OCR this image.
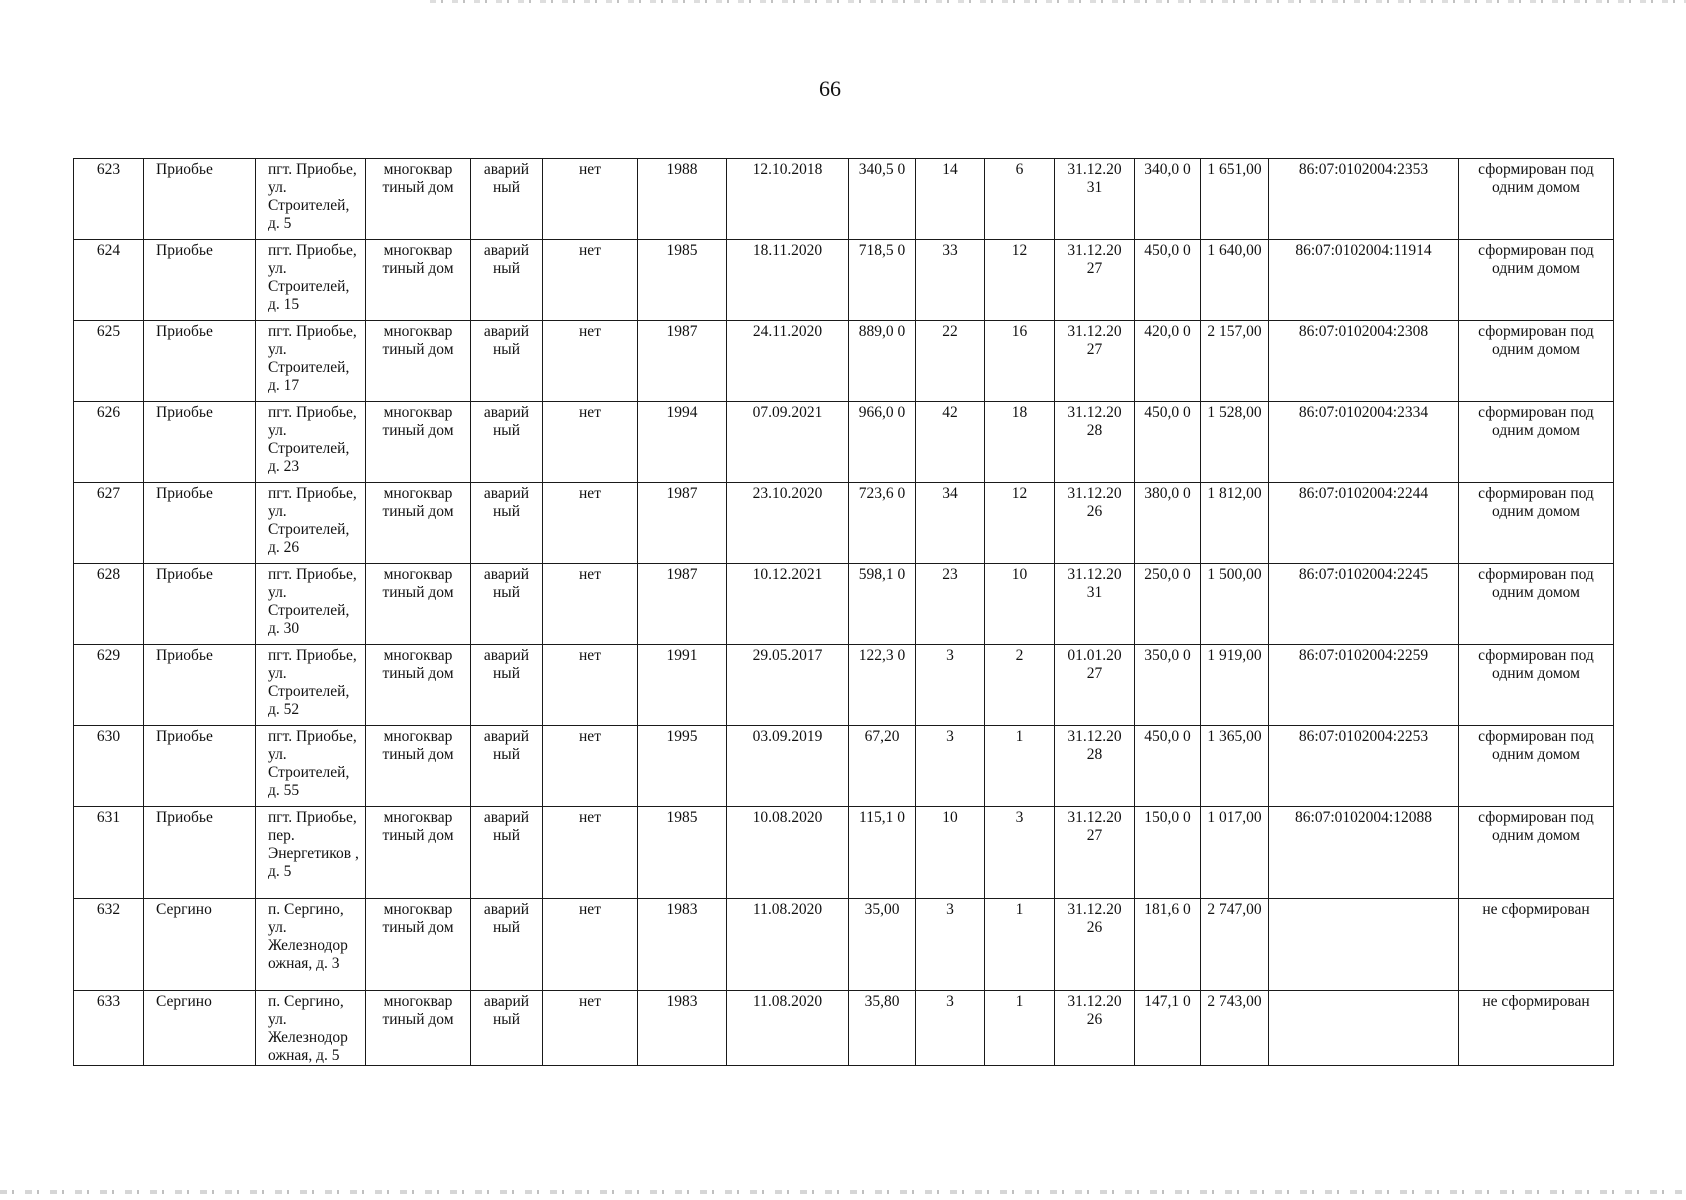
66
623	Приобье	пгт. Приобье, ул. Строителей, д. 5	многоквар тиный дом	аварий ный	нет	1988	12.10.2018	340,5 0	14	6	31.12.20 31	340,0 0	1 651,00	86:07:0102004:2353	сформирован под одним домом
624	Приобье	пгт. Приобье, ул. Строителей, д. 15	многоквар тиный дом	аварий ный	нет	1985	18.11.2020	718,5 0	33	12	31.12.20 27	450,0 0	1 640,00	86:07:0102004:11914	сформирован под одним домом
625	Приобье	пгт. Приобье, ул. Строителей, д. 17	многоквар тиный дом	аварий ный	нет	1987	24.11.2020	889,0 0	22	16	31.12.20 27	420,0 0	2 157,00	86:07:0102004:2308	сформирован под одним домом
626	Приобье	пгт. Приобье, ул. Строителей, д. 23	многоквар тиный дом	аварий ный	нет	1994	07.09.2021	966,0 0	42	18	31.12.20 28	450,0 0	1 528,00	86:07:0102004:2334	сформирован под одним домом
627	Приобье	пгт. Приобье, ул. Строителей, д. 26	многоквар тиный дом	аварий ный	нет	1987	23.10.2020	723,6 0	34	12	31.12.20 26	380,0 0	1 812,00	86:07:0102004:2244	сформирован под одним домом
628	Приобье	пгт. Приобье, ул. Строителей, д. 30	многоквар тиный дом	аварий ный	нет	1987	10.12.2021	598,1 0	23	10	31.12.20 31	250,0 0	1 500,00	86:07:0102004:2245	сформирован под одним домом
629	Приобье	пгт. Приобье, ул. Строителей, д. 52	многоквар тиный дом	аварий ный	нет	1991	29.05.2017	122,3 0	3	2	01.01.20 27	350,0 0	1 919,00	86:07:0102004:2259	сформирован под одним домом
630	Приобье	пгт. Приобье, ул. Строителей, д. 55	многоквар тиный дом	аварий ный	нет	1995	03.09.2019	67,20	3	1	31.12.20 28	450,0 0	1 365,00	86:07:0102004:2253	сформирован под одним домом
631	Приобье	пгт. Приобье, пер. Энергетиков , д. 5	многоквар тиный дом	аварий ный	нет	1985	10.08.2020	115,1 0	10	3	31.12.20 27	150,0 0	1 017,00	86:07:0102004:12088	сформирован под одним домом
632	Сергино	п. Сергино, ул. Железнодор ожная, д. 3	многоквар тиный дом	аварий ный	нет	1983	11.08.2020	35,00	3	1	31.12.20 26	181,6 0	2 747,00		не сформирован
633	Сергино	п. Сергино, ул. Железнодор ожная, д. 5	многоквар тиный дом	аварий ный	нет	1983	11.08.2020	35,80	3	1	31.12.20 26	147,1 0	2 743,00		не сформирован
